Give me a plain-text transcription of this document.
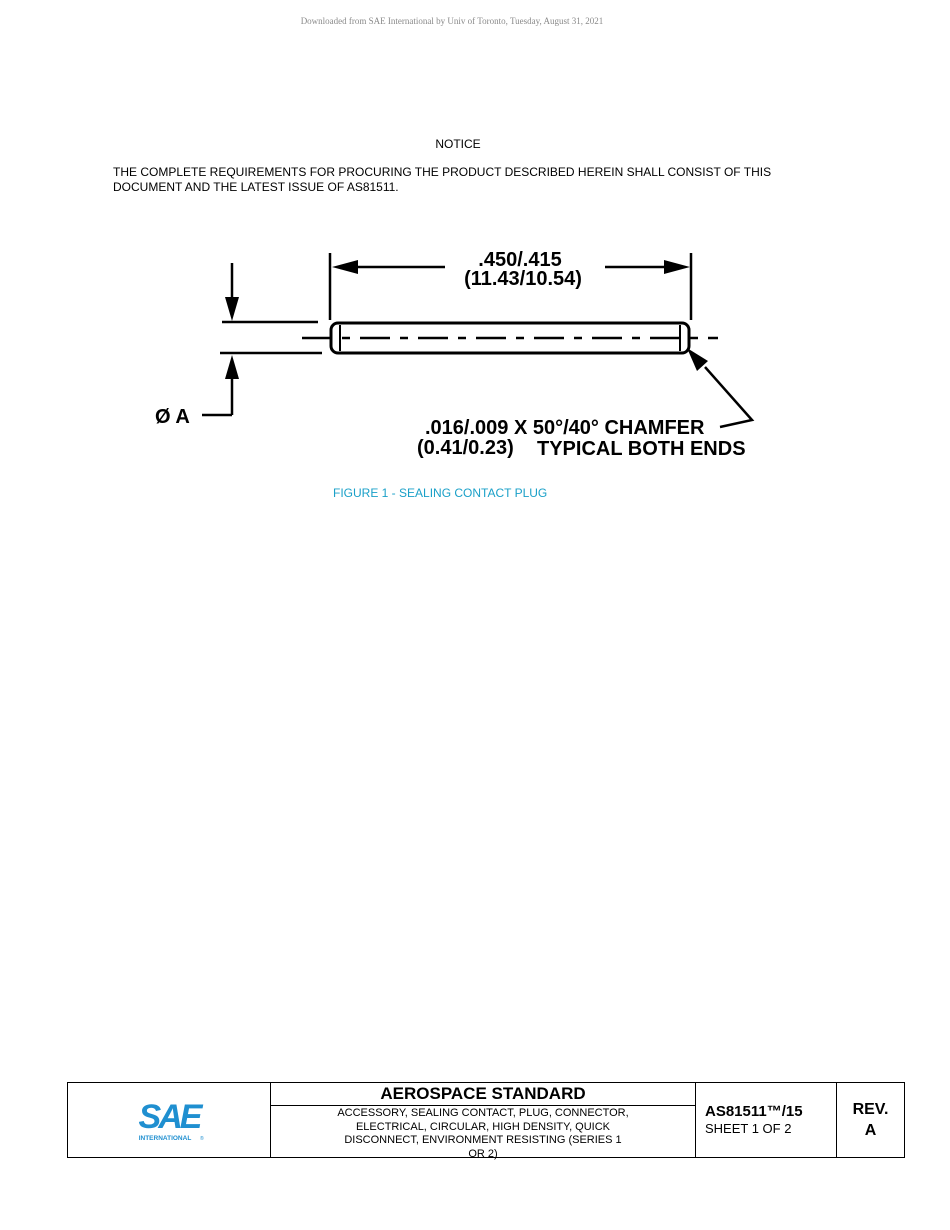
Downloaded from SAE International by Univ of Toronto, Tuesday, August 31, 2021
NOTICE
THE COMPLETE REQUIREMENTS FOR PROCURING THE PRODUCT DESCRIBED HEREIN SHALL CONSIST OF THIS DOCUMENT AND THE LATEST ISSUE OF AS81511.
.450/.415
(11.43/10.54)
Ø A	.016/.009 X 50°/40° CHAMFER
(0.41/0.23) TYPICAL BOTH ENDS
FIGURE 1 - SEALING CONTACT PLUG
SAE
INTERNATIONAL ®
AEROSPACE STANDARD
ACCESSORY, SEALING CONTACT, PLUG, CONNECTOR, ELECTRICAL, CIRCULAR, HIGH DENSITY, QUICK DISCONNECT, ENVIRONMENT RESISTING (SERIES 1 OR 2)
AS81511™/15
SHEET 1 OF 2
REV.
A
